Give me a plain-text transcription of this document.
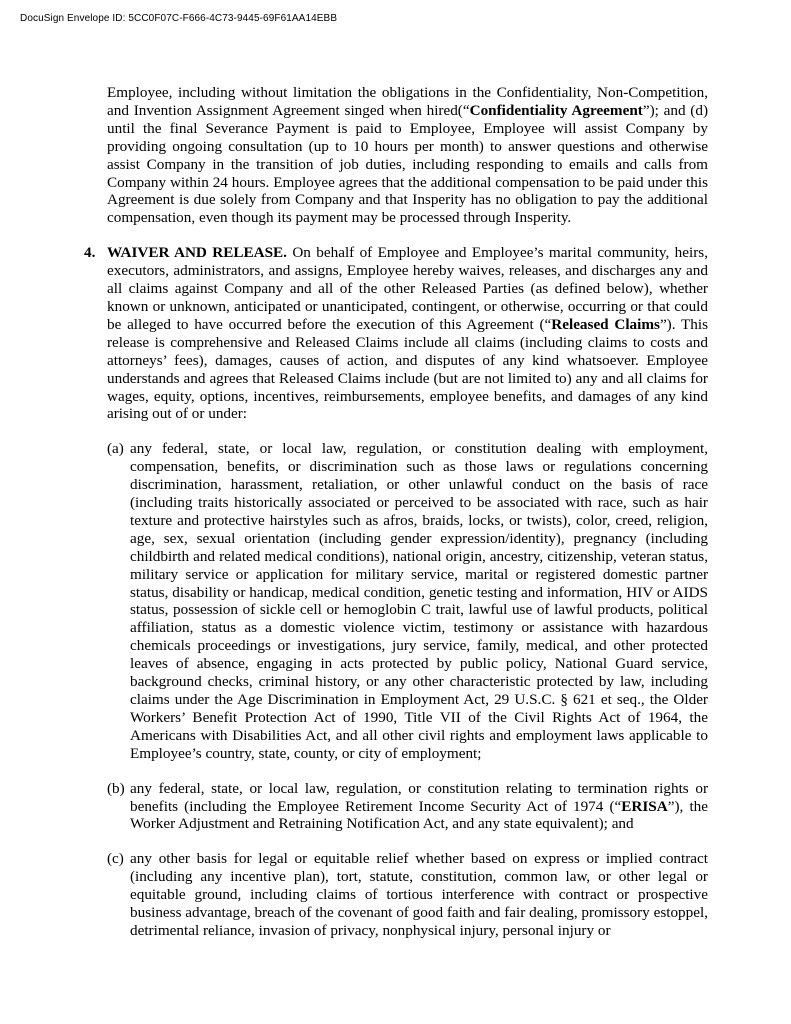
DocuSign Envelope ID: 5CC0F07C-F666-4C73-9445-69F61AA14EBB

Employee, including without limitation the obligations in the Confidentiality, Non-Competition, and Invention Assignment Agreement singed when hired(“Confidentiality Agreement”); and (d) until the final Severance Payment is paid to Employee, Employee will assist Company by providing ongoing consultation (up to 10 hours per month) to answer questions and otherwise assist Company in the transition of job duties, including responding to emails and calls from Company within 24 hours. Employee agrees that the additional compensation to be paid under this Agreement is due solely from Company and that Insperity has no obligation to pay the additional compensation, even though its payment may be processed through Insperity.

4. WAIVER AND RELEASE. On behalf of Employee and Employee’s marital community, heirs, executors, administrators, and assigns, Employee hereby waives, releases, and discharges any and all claims against Company and all of the other Released Parties (as defined below), whether known or unknown, anticipated or unanticipated, contingent, or otherwise, occurring or that could be alleged to have occurred before the execution of this Agreement (“Released Claims”). This release is comprehensive and Released Claims include all claims (including claims to costs and attorneys’ fees), damages, causes of action, and disputes of any kind whatsoever. Employee understands and agrees that Released Claims include (but are not limited to) any and all claims for wages, equity, options, incentives, reimbursements, employee benefits, and damages of any kind arising out of or under:

(a) any federal, state, or local law, regulation, or constitution dealing with employment, compensation, benefits, or discrimination such as those laws or regulations concerning discrimination, harassment, retaliation, or other unlawful conduct on the basis of race (including traits historically associated or perceived to be associated with race, such as hair texture and protective hairstyles such as afros, braids, locks, or twists), color, creed, religion, age, sex, sexual orientation (including gender expression/identity), pregnancy (including childbirth and related medical conditions), national origin, ancestry, citizenship, veteran status, military service or application for military service, marital or registered domestic partner status, disability or handicap, medical condition, genetic testing and information, HIV or AIDS status, possession of sickle cell or hemoglobin C trait, lawful use of lawful products, political affiliation, status as a domestic violence victim, testimony or assistance with hazardous chemicals proceedings or investigations, jury service, family, medical, and other protected leaves of absence, engaging in acts protected by public policy, National Guard service, background checks, criminal history, or any other characteristic protected by law, including claims under the Age Discrimination in Employment Act, 29 U.S.C. § 621 et seq., the Older Workers’ Benefit Protection Act of 1990, Title VII of the Civil Rights Act of 1964, the Americans with Disabilities Act, and all other civil rights and employment laws applicable to Employee’s country, state, county, or city of employment;

(b) any federal, state, or local law, regulation, or constitution relating to termination rights or benefits (including the Employee Retirement Income Security Act of 1974 (“ERISA”), the Worker Adjustment and Retraining Notification Act, and any state equivalent); and

(c) any other basis for legal or equitable relief whether based on express or implied contract (including any incentive plan), tort, statute, constitution, common law, or other legal or equitable ground, including claims of tortious interference with contract or prospective business advantage, breach of the covenant of good faith and fair dealing, promissory estoppel, detrimental reliance, invasion of privacy, nonphysical injury, personal injury or
